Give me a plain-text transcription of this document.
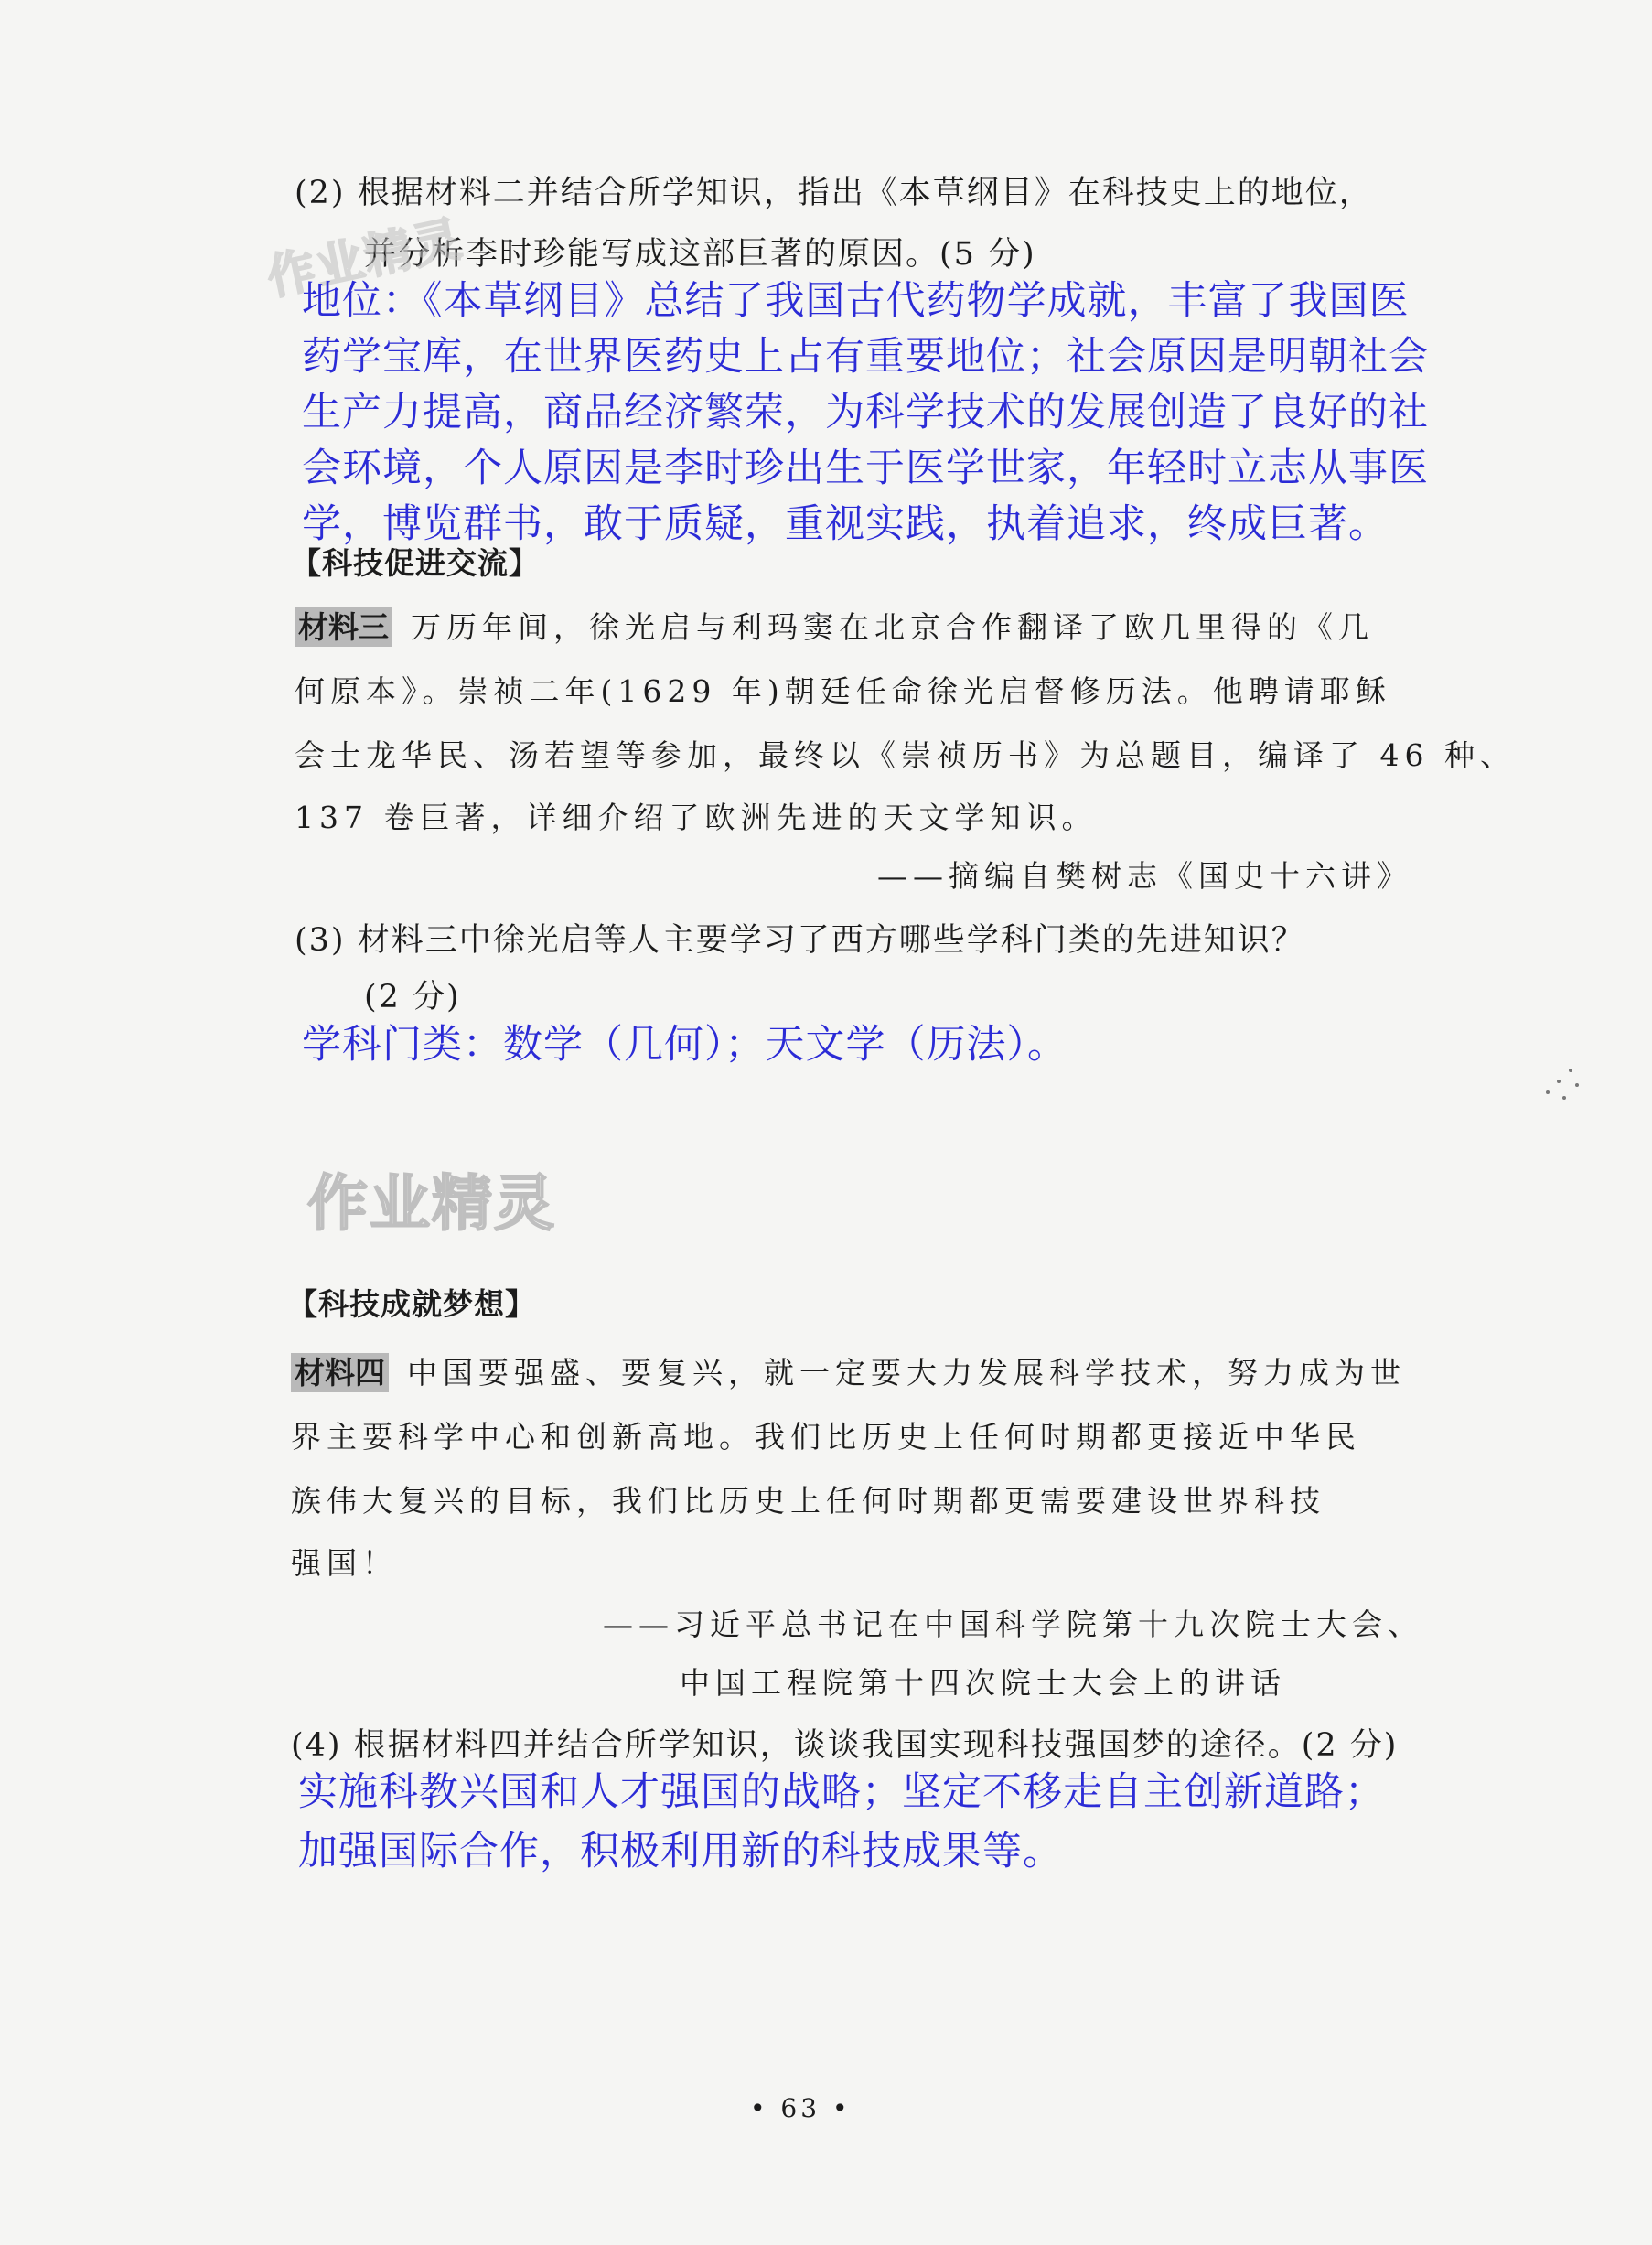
(2) 根据材料二并结合所学知识，指出《本草纲目》在科技史上的地位，
并分析李时珍能写成这部巨著的原因。(5 分)
作业精灵
地位：《本草纲目》总结了我国古代药物学成就，丰富了我国医
药学宝库，在世界医药史上占有重要地位；社会原因是明朝社会
生产力提高，商品经济繁荣，为科学技术的发展创造了良好的社
会环境，个人原因是李时珍出生于医学世家，年轻时立志从事医
学，博览群书，敢于质疑，重视实践，执着追求，终成巨著。
【科技促进交流】
材料三 万历年间，徐光启与利玛窦在北京合作翻译了欧几里得的《几
何原本》。崇祯二年(1629 年)朝廷任命徐光启督修历法。他聘请耶稣
会士龙华民、汤若望等参加，最终以《崇祯历书》为总题目，编译了 46 种、
137 卷巨著，详细介绍了欧洲先进的天文学知识。
——摘编自樊树志《国史十六讲》
(3) 材料三中徐光启等人主要学习了西方哪些学科门类的先进知识？
(2 分)
学科门类：数学（几何）；天文学（历法）。
作业精灵
【科技成就梦想】
材料四 中国要强盛、要复兴，就一定要大力发展科学技术，努力成为世
界主要科学中心和创新高地。我们比历史上任何时期都更接近中华民
族伟大复兴的目标，我们比历史上任何时期都更需要建设世界科技
强国！
——习近平总书记在中国科学院第十九次院士大会、
中国工程院第十四次院士大会上的讲话
(4) 根据材料四并结合所学知识，谈谈我国实现科技强国梦的途径。(2 分)
实施科教兴国和人才强国的战略；坚定不移走自主创新道路；
加强国际合作，积极利用新的科技成果等。
• 63 •
